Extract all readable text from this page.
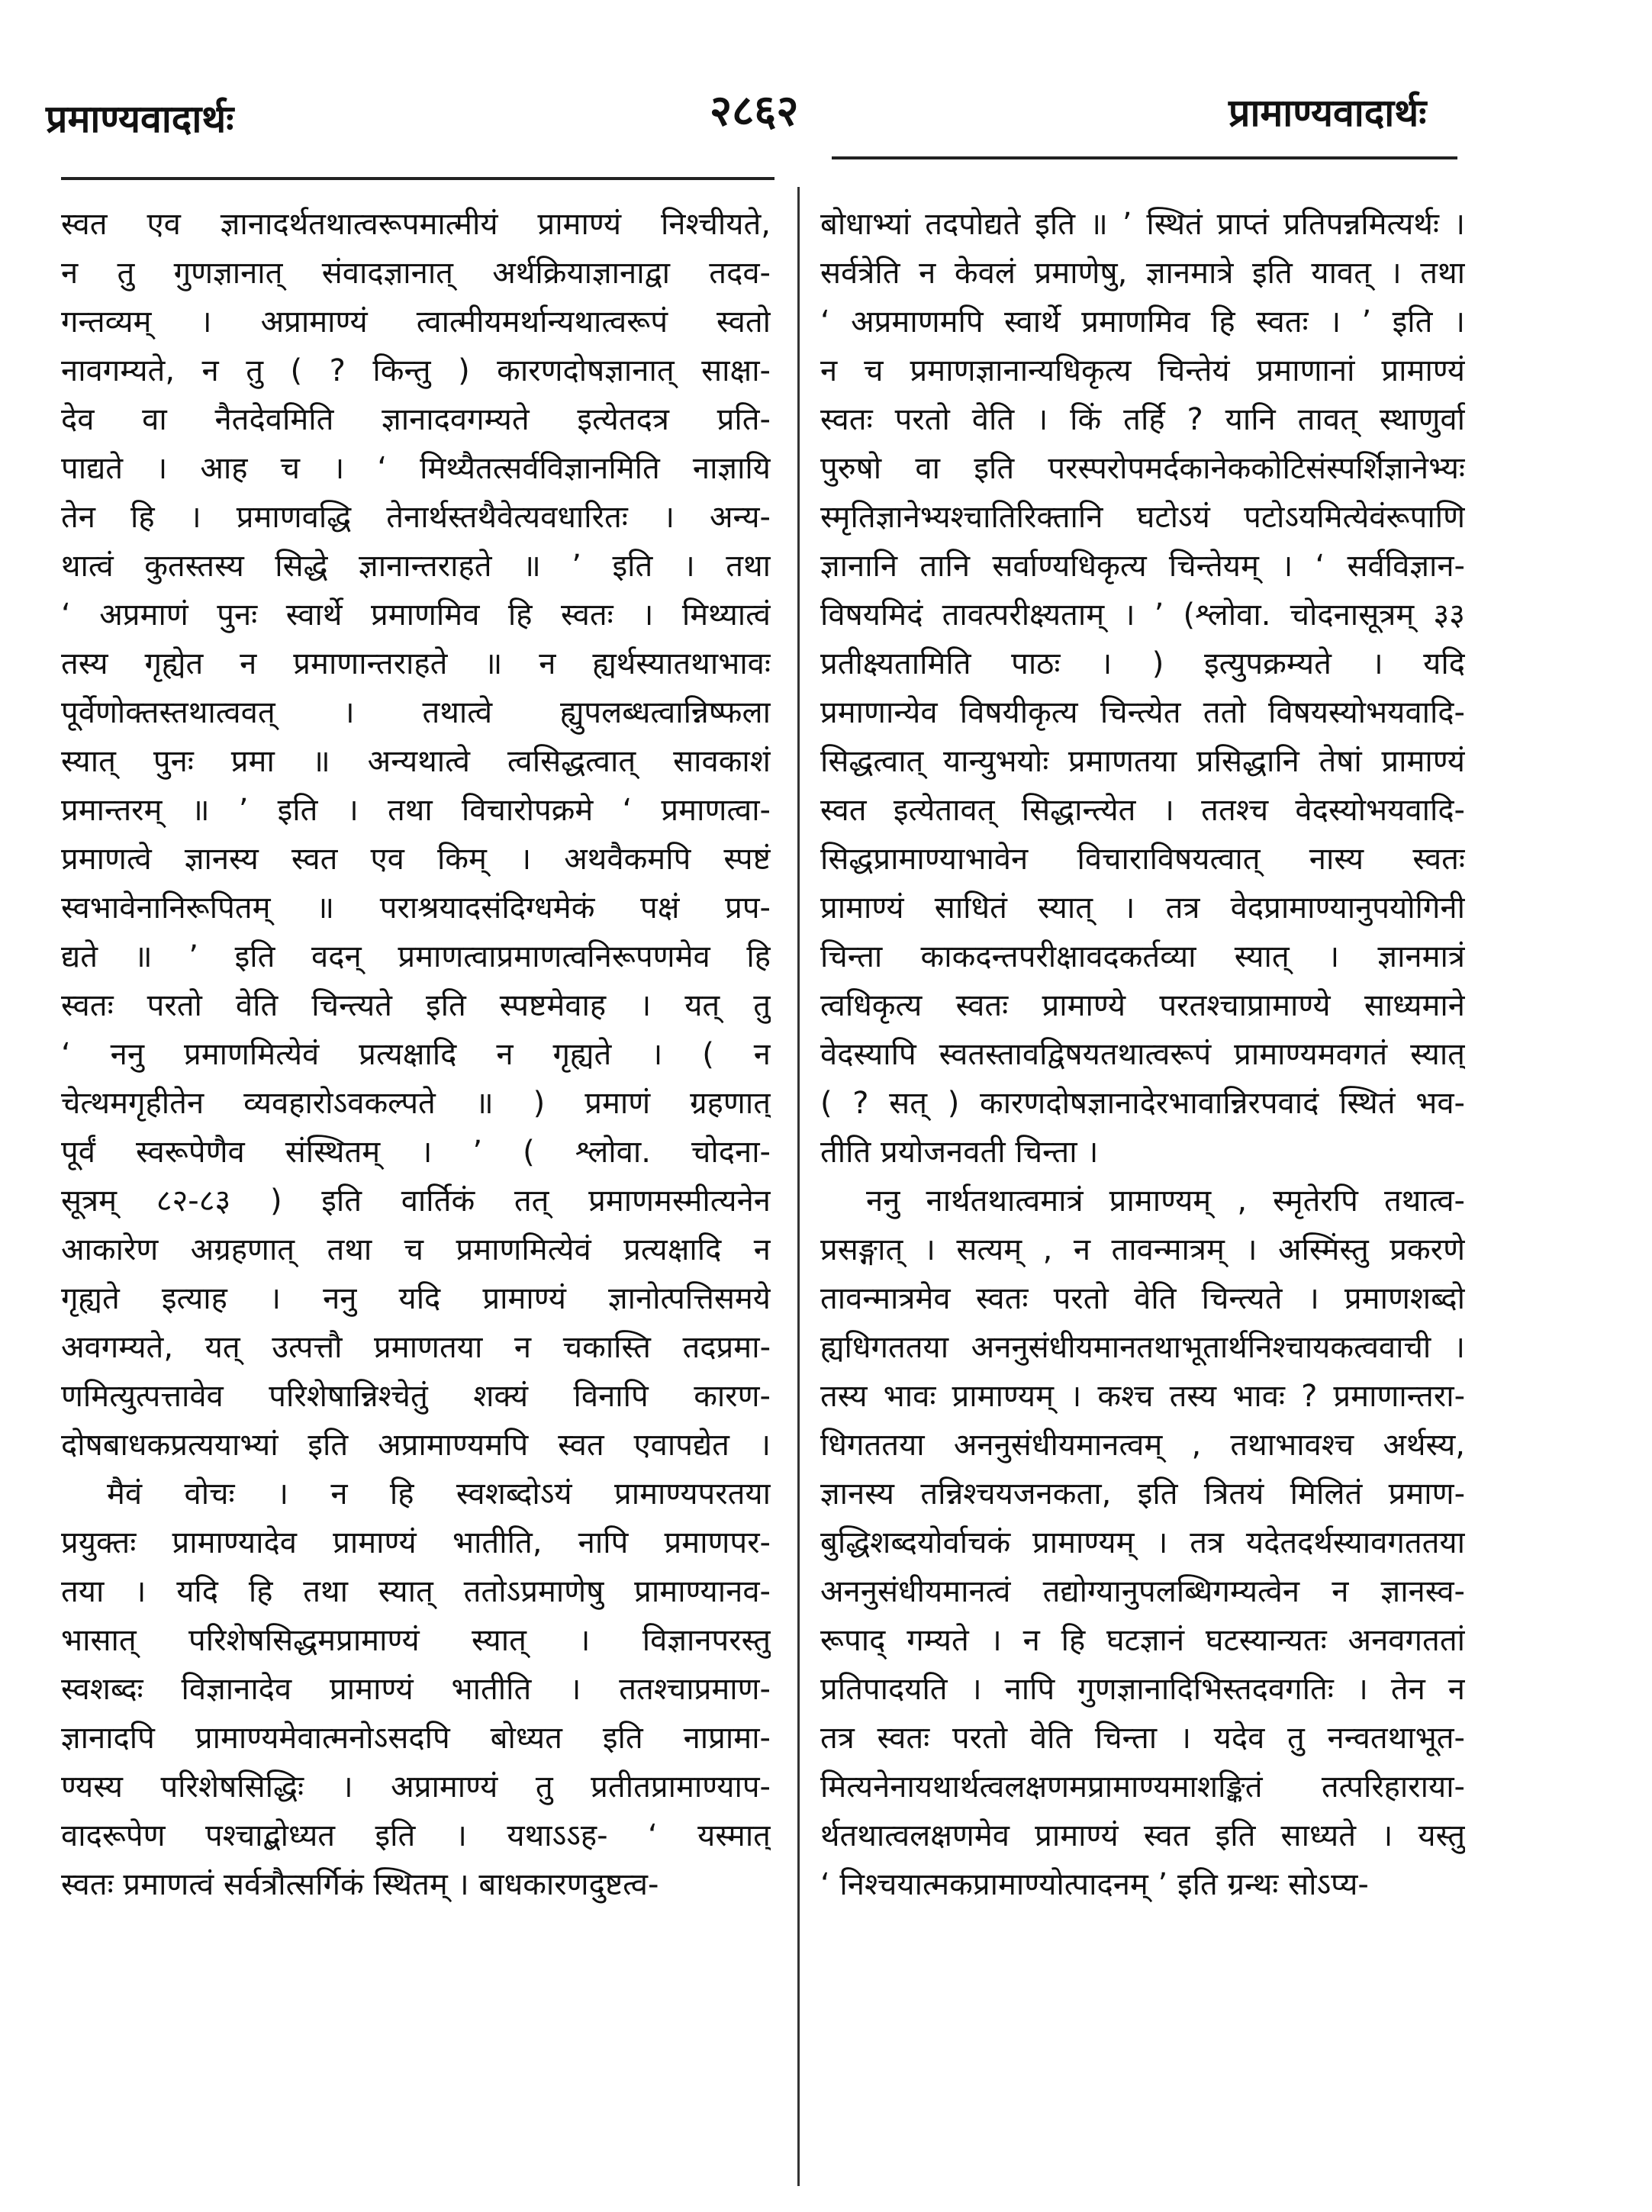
प्रमाण्यवादार्थः	२८६२	प्रामाण्यवादार्थः
स्वत एव ज्ञानादर्थतथात्वरूपमात्मीयं प्रामाण्यं निश्चीयते,
न तु गुणज्ञानात् संवादज्ञानात् अर्थक्रियाज्ञानाद्वा तदव-
गन्तव्यम् । अप्रामाण्यं त्वात्मीयमर्थान्यथात्वरूपं स्वतो
नावगम्यते, न तु ( ? किन्तु ) कारणदोषज्ञानात् साक्षा-
देव वा नैतदेवमिति ज्ञानादवगम्यते इत्येतदत्र प्रति-
पाद्यते । आह च । ‘ मिथ्यैतत्सर्वविज्ञानमिति नाज्ञायि
तेन हि । प्रमाणवद्धि तेनार्थस्तथैवेत्यवधारितः । अन्य-
थात्वं कुतस्तस्य सिद्धे ज्ञानान्तराहते ॥ ’ इति । तथा
‘ अप्रमाणं पुनः स्वार्थे प्रमाणमिव हि स्वतः । मिथ्यात्वं
तस्य गृह्येत न प्रमाणान्तराहते ॥ न ह्यर्थस्यातथाभावः
पूर्वेणोक्तस्तथात्ववत् । तथात्वे ह्युपलब्धत्वान्निष्फला
स्यात् पुनः प्रमा ॥ अन्यथात्वे त्वसिद्धत्वात् सावकाशं
प्रमान्तरम् ॥ ’ इति । तथा विचारोपक्रमे ‘ प्रमाणत्वा-
प्रमाणत्वे ज्ञानस्य स्वत एव किम् । अथवैकमपि स्पष्टं
स्वभावेनानिरूपितम् ॥ पराश्रयादसंदिग्धमेकं पक्षं प्रप-
द्यते ॥ ’ इति वदन् प्रमाणत्वाप्रमाणत्वनिरूपणमेव हि
स्वतः परतो वेति चिन्त्यते इति स्पष्टमेवाह । यत् तु
‘ ननु प्रमाणमित्येवं प्रत्यक्षादि न गृह्यते । ( न
चेत्थमगृहीतेन व्यवहारोऽवकल्पते ॥ ) प्रमाणं ग्रहणात्
पूर्वं स्वरूपेणैव संस्थितम् । ’ ( श्लोवा. चोदना-
सूत्रम् ८२-८३ ) इति वार्तिकं तत् प्रमाणमस्मीत्यनेन
आकारेण अग्रहणात् तथा च प्रमाणमित्येवं प्रत्यक्षादि न
गृह्यते इत्याह । ननु यदि प्रामाण्यं ज्ञानोत्पत्तिसमये
अवगम्यते, यत् उत्पत्तौ प्रमाणतया न चकास्ति तदप्रमा-
णमित्युत्पत्तावेव परिशेषान्निश्चेतुं शक्यं विनापि कारण-
दोषबाधकप्रत्ययाभ्यां इति अप्रामाण्यमपि स्वत एवापद्येत ।
मैवं वोचः । न हि स्वशब्दोऽयं प्रामाण्यपरतया
प्रयुक्तः प्रामाण्यादेव प्रामाण्यं भातीति, नापि प्रमाणपर-
तया । यदि हि तथा स्यात् ततोऽप्रमाणेषु प्रामाण्यानव-
भासात् परिशेषसिद्धमप्रामाण्यं स्यात् । विज्ञानपरस्तु
स्वशब्दः विज्ञानादेव प्रामाण्यं भातीति । ततश्चाप्रमाण-
ज्ञानादपि प्रामाण्यमेवात्मनोऽसदपि बोध्यत इति नाप्रामा-
ण्यस्य परिशेषसिद्धिः । अप्रामाण्यं तु प्रतीतप्रामाण्याप-
वादरूपेण पश्चाद्बोध्यत इति । यथाऽऽह- ‘ यस्मात्
स्वतः प्रमाणत्वं सर्वत्रौत्सर्गिकं स्थितम् । बाधकारणदुष्टत्व-
बोधाभ्यां तदपोद्यते इति ॥ ’ स्थितं प्राप्तं प्रतिपन्नमित्यर्थः ।
सर्वत्रेति न केवलं प्रमाणेषु, ज्ञानमात्रे इति यावत् । तथा
‘ अप्रमाणमपि स्वार्थे प्रमाणमिव हि स्वतः । ’ इति ।
न च प्रमाणज्ञानान्यधिकृत्य चिन्तेयं प्रमाणानां प्रामाण्यं
स्वतः परतो वेति । किं तर्हि ? यानि तावत् स्थाणुर्वा
पुरुषो वा इति परस्परोपमर्दकानेककोटिसंस्पर्शिज्ञानेभ्यः
स्मृतिज्ञानेभ्यश्चातिरिक्तानि घटोऽयं पटोऽयमित्येवंरूपाणि
ज्ञानानि तानि सर्वाण्यधिकृत्य चिन्तेयम् । ‘ सर्वविज्ञान-
विषयमिदं तावत्परीक्ष्यताम् । ’ (श्लोवा. चोदनासूत्रम् ३३
प्रतीक्ष्यतामिति पाठः । ) इत्युपक्रम्यते । यदि
प्रमाणान्येव विषयीकृत्य चिन्त्येत ततो विषयस्योभयवादि-
सिद्धत्वात् यान्युभयोः प्रमाणतया प्रसिद्धानि तेषां प्रामाण्यं
स्वत इत्येतावत् सिद्धान्त्येत । ततश्च वेदस्योभयवादि-
सिद्धप्रामाण्याभावेन विचाराविषयत्वात् नास्य स्वतः
प्रामाण्यं साधितं स्यात् । तत्र वेदप्रामाण्यानुपयोगिनी
चिन्ता काकदन्तपरीक्षावदकर्तव्या स्यात् । ज्ञानमात्रं
त्वधिकृत्य स्वतः प्रामाण्ये परतश्चाप्रामाण्ये साध्यमाने
वेदस्यापि स्वतस्तावद्विषयतथात्वरूपं प्रामाण्यमवगतं स्यात्
( ? सत् ) कारणदोषज्ञानादेरभावान्निरपवादं स्थितं भव-
तीति प्रयोजनवती चिन्ता ।
ननु नार्थतथात्वमात्रं प्रामाण्यम् , स्मृतेरपि तथात्व-
प्रसङ्गात् । सत्यम् , न तावन्मात्रम् । अस्मिंस्तु प्रकरणे
तावन्मात्रमेव स्वतः परतो वेति चिन्त्यते । प्रमाणशब्दो
ह्यधिगततया अननुसंधीयमानतथाभूतार्थनिश्चायकत्ववाची ।
तस्य भावः प्रामाण्यम् । कश्च तस्य भावः ? प्रमाणान्तरा-
धिगततया अननुसंधीयमानत्वम् , तथाभावश्च अर्थस्य,
ज्ञानस्य तन्निश्चयजनकता, इति त्रितयं मिलितं प्रमाण-
बुद्धिशब्दयोर्वाचकं प्रामाण्यम् । तत्र यदेतदर्थस्यावगततया
अननुसंधीयमानत्वं तद्योग्यानुपलब्धिगम्यत्वेन न ज्ञानस्व-
रूपाद् गम्यते । न हि घटज्ञानं घटस्यान्यतः अनवगततां
प्रतिपादयति । नापि गुणज्ञानादिभिस्तदवगतिः । तेन न
तत्र स्वतः परतो वेति चिन्ता । यदेव तु नन्वतथाभूत-
मित्यनेनायथार्थत्वलक्षणमप्रामाण्यमाशङ्कितं तत्परिहाराया-
र्थतथात्वलक्षणमेव प्रामाण्यं स्वत इति साध्यते । यस्तु
‘ निश्चयात्मकप्रामाण्योत्पादनम् ’ इति ग्रन्थः सोऽप्य-
